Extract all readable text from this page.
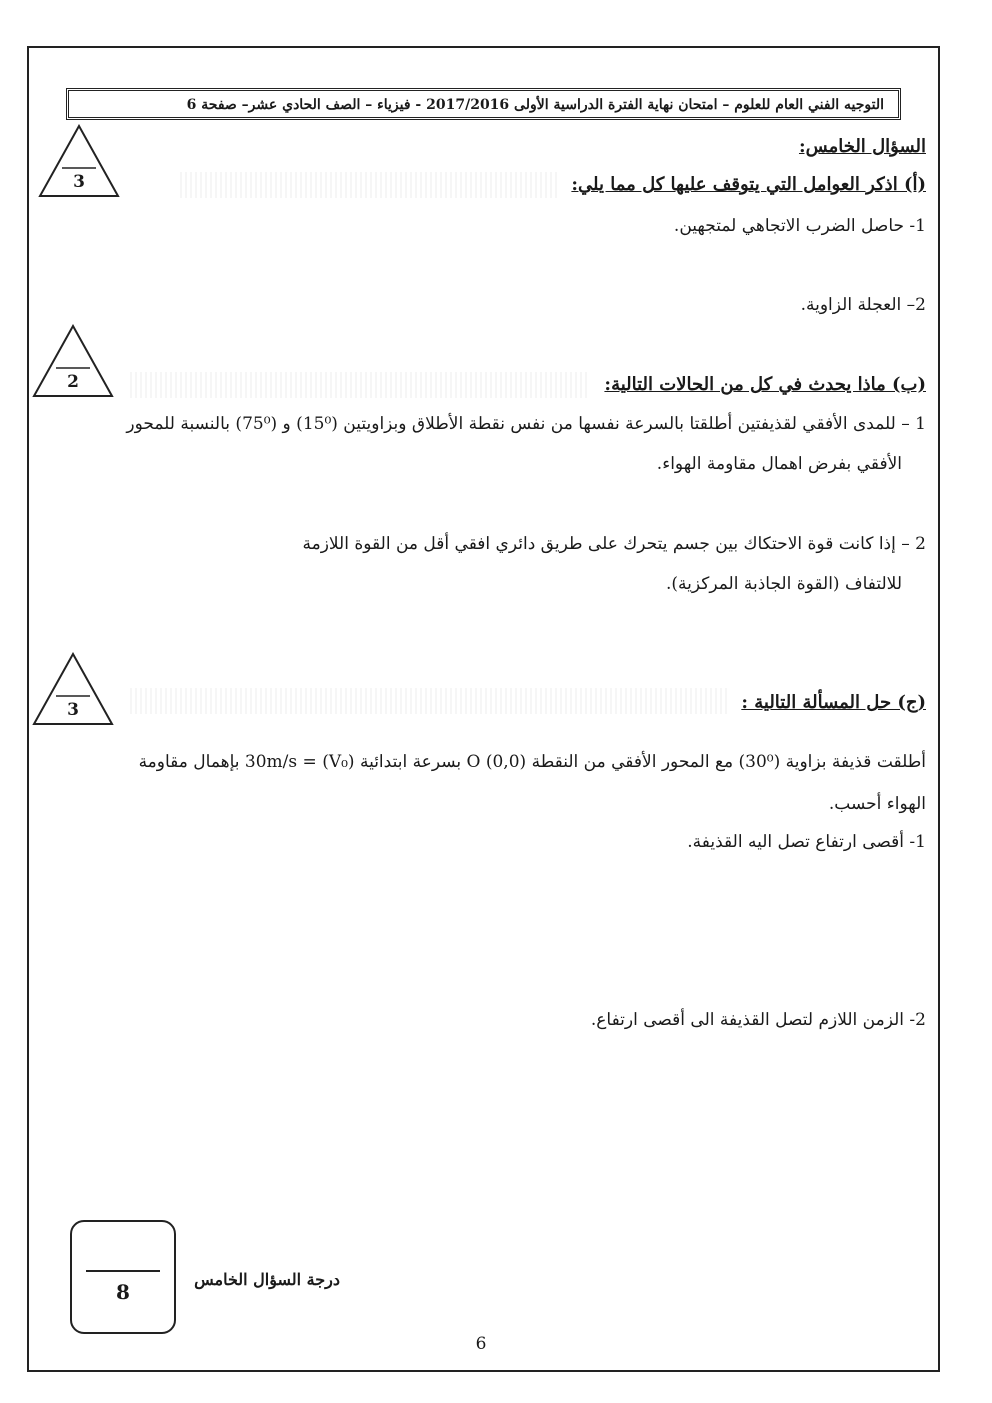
التوجيه الفني العام للعلوم – امتحان نهاية الفترة الدراسية الأولى 2017/2016 - فيزياء – الصف الحادي عشر– صفحة 6
السؤال الخامس:
3	(أ) اذكر العوامل التي يتوقف عليها كل مما يلي:
1- حاصل الضرب الاتجاهي لمتجهين.
2– العجلة الزاوية.
2	(ب) ماذا يحدث في كل من الحالات التالية:
1 – للمدى الأفقي لقذيفتين أطلقتا بالسرعة نفسها من نفس نقطة الأطلاق وبزاويتين (15⁰) و (75⁰) بالنسبة للمحور
الأفقي بفرض اهمال مقاومة الهواء.
2 – إذا كانت قوة الاحتكاك بين جسم يتحرك على طريق دائري افقي أقل من القوة اللازمة
للالتفاف (القوة الجاذبة المركزية).
3	(ج) حل المسألة التالية :
أطلقت قذيفة بزاوية (30⁰) مع المحور الأفقي من النقطة O (0,0) بسرعة ابتدائية (V₀) = 30m/s بإهمال مقاومة
الهواء أحسب.
1- أقصى ارتفاع تصل اليه القذيفة.
2- الزمن اللازم لتصل القذيفة الى أقصى ارتفاع.
8
درجة السؤال الخامس
6
